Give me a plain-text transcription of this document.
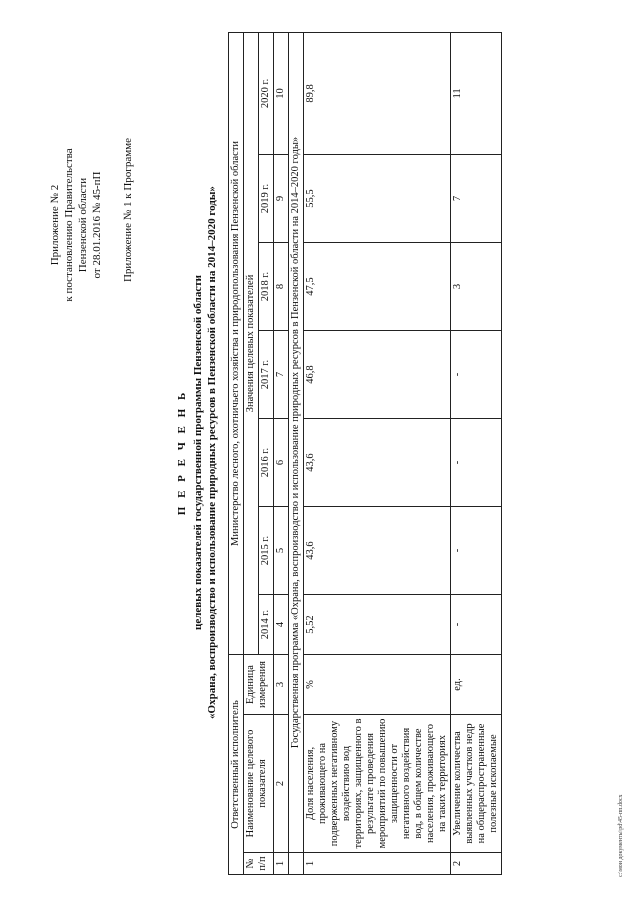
Приложение № 2 к постановлению Правительства Пензенской области от 28.01.2016 № 45-пП Приложение № 1 к Программе
П Е Р Е Ч Е Н Ь целевых показателей государственной программы Пензенской области «Охрана, воспроизводство и использование природных ресурсов в Пензенской области на 2014–2020 годы»
Ответственный исполнитель			Министерство лесного, охотничьего хозяйства и природопользования Пензенской области						
№ п/п	Наименование целевого показателя	Единица измерения	Значения целевых показателей						
			2014 г.	2015 г.	2016 г.	2017 г.	2018 г.	2019 г.	2020 г.
1	2	3	4	5	6	7	8	9	10
	Государственная программа «Охрана, воспроизводство и использование природных ресурсов в Пензенской области на 2014–2020 годы»								
1	Доля населения, проживающего на подверженных негативному воздействию вод территориях, защищенного в результате проведения мероприятий по повышению защищенности от негативного воздействия вод, в общем количестве населения, проживающего на таких территориях	%	5,52	43,6	43,6	46,8	47,5	55,5	89,8
2	Увеличение количества выявленных участков недр на общераспространенные полезные ископаемые	ед.	-	-	-	-	3	7	11
c:\мои документы\pd\45-пп.docx
